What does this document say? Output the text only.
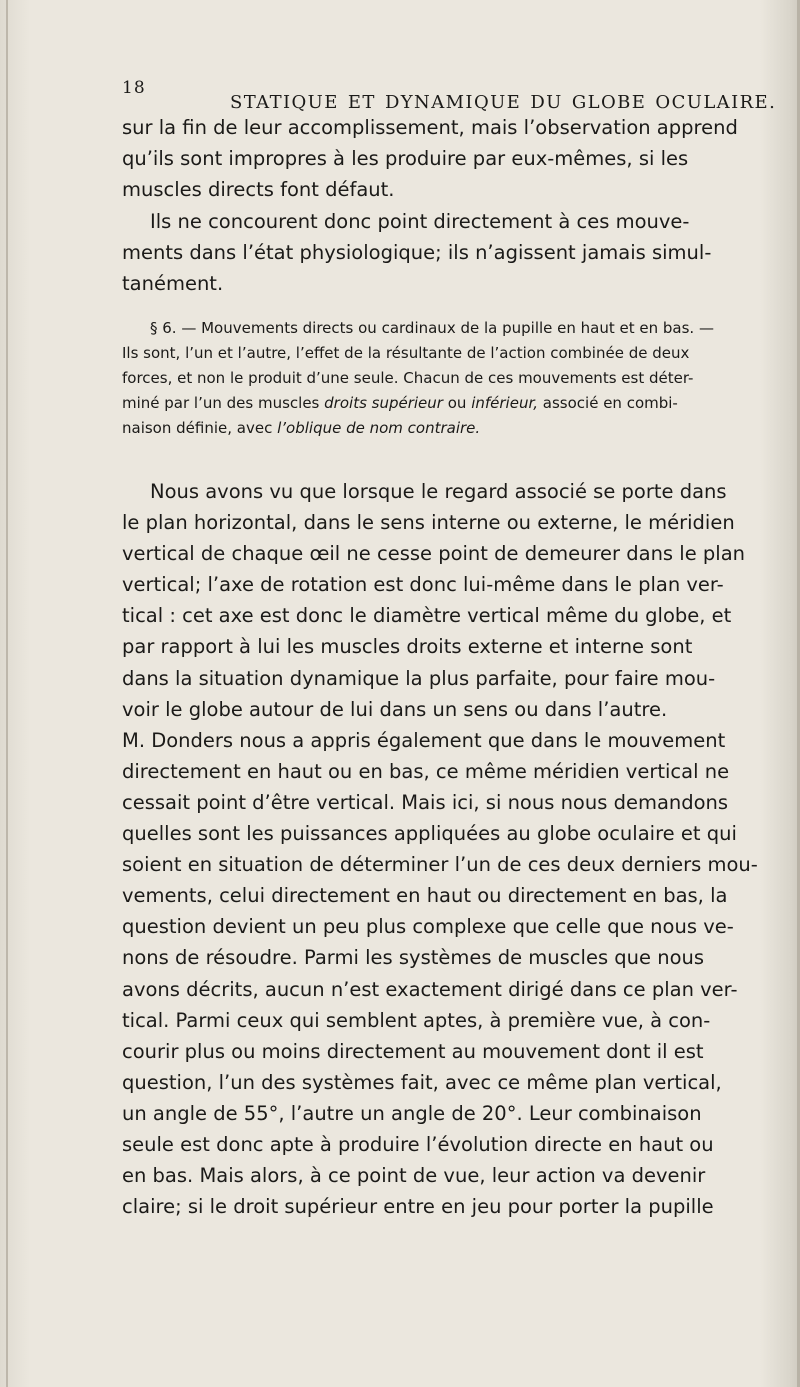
18
STATIQUE ET DYNAMIQUE DU GLOBE OCULAIRE.
sur la fin de leur accomplissement, mais l’observation apprend
qu’ils sont impropres à les produire par eux-mêmes, si les
muscles directs font défaut.
Ils ne concourent donc point directement à ces mouve-
ments dans l’état physiologique; ils n’agissent jamais simul-
tanément.
§ 6. — Mouvements directs ou cardinaux de la pupille en haut et en bas. —
Ils sont, l’un et l’autre, l’effet de la résultante de l’action combinée de deux
forces, et non le produit d’une seule. Chacun de ces mouvements est déter-
miné par l’un des muscles droits supérieur ou inférieur, associé en combi-
naison définie, avec l’oblique de nom contraire.
Nous avons vu que lorsque le regard associé se porte dans
le plan horizontal, dans le sens interne ou externe, le méridien
vertical de chaque œil ne cesse point de demeurer dans le plan
vertical; l’axe de rotation est donc lui-même dans le plan ver-
tical : cet axe est donc le diamètre vertical même du globe, et
par rapport à lui les muscles droits externe et interne sont
dans la situation dynamique la plus parfaite, pour faire mou-
voir le globe autour de lui dans un sens ou dans l’autre.
M. Donders nous a appris également que dans le mouvement
directement en haut ou en bas, ce même méridien vertical ne
cessait point d’être vertical. Mais ici, si nous nous demandons
quelles sont les puissances appliquées au globe oculaire et qui
soient en situation de déterminer l’un de ces deux derniers mou-
vements, celui directement en haut ou directement en bas, la
question devient un peu plus complexe que celle que nous ve-
nons de résoudre. Parmi les systèmes de muscles que nous
avons décrits, aucun n’est exactement dirigé dans ce plan ver-
tical. Parmi ceux qui semblent aptes, à première vue, à con-
courir plus ou moins directement au mouvement dont il est
question, l’un des systèmes fait, avec ce même plan vertical,
un angle de 55°, l’autre un angle de 20°. Leur combinaison
seule est donc apte à produire l’évolution directe en haut ou
en bas. Mais alors, à ce point de vue, leur action va devenir
claire; si le droit supérieur entre en jeu pour porter la pupille
